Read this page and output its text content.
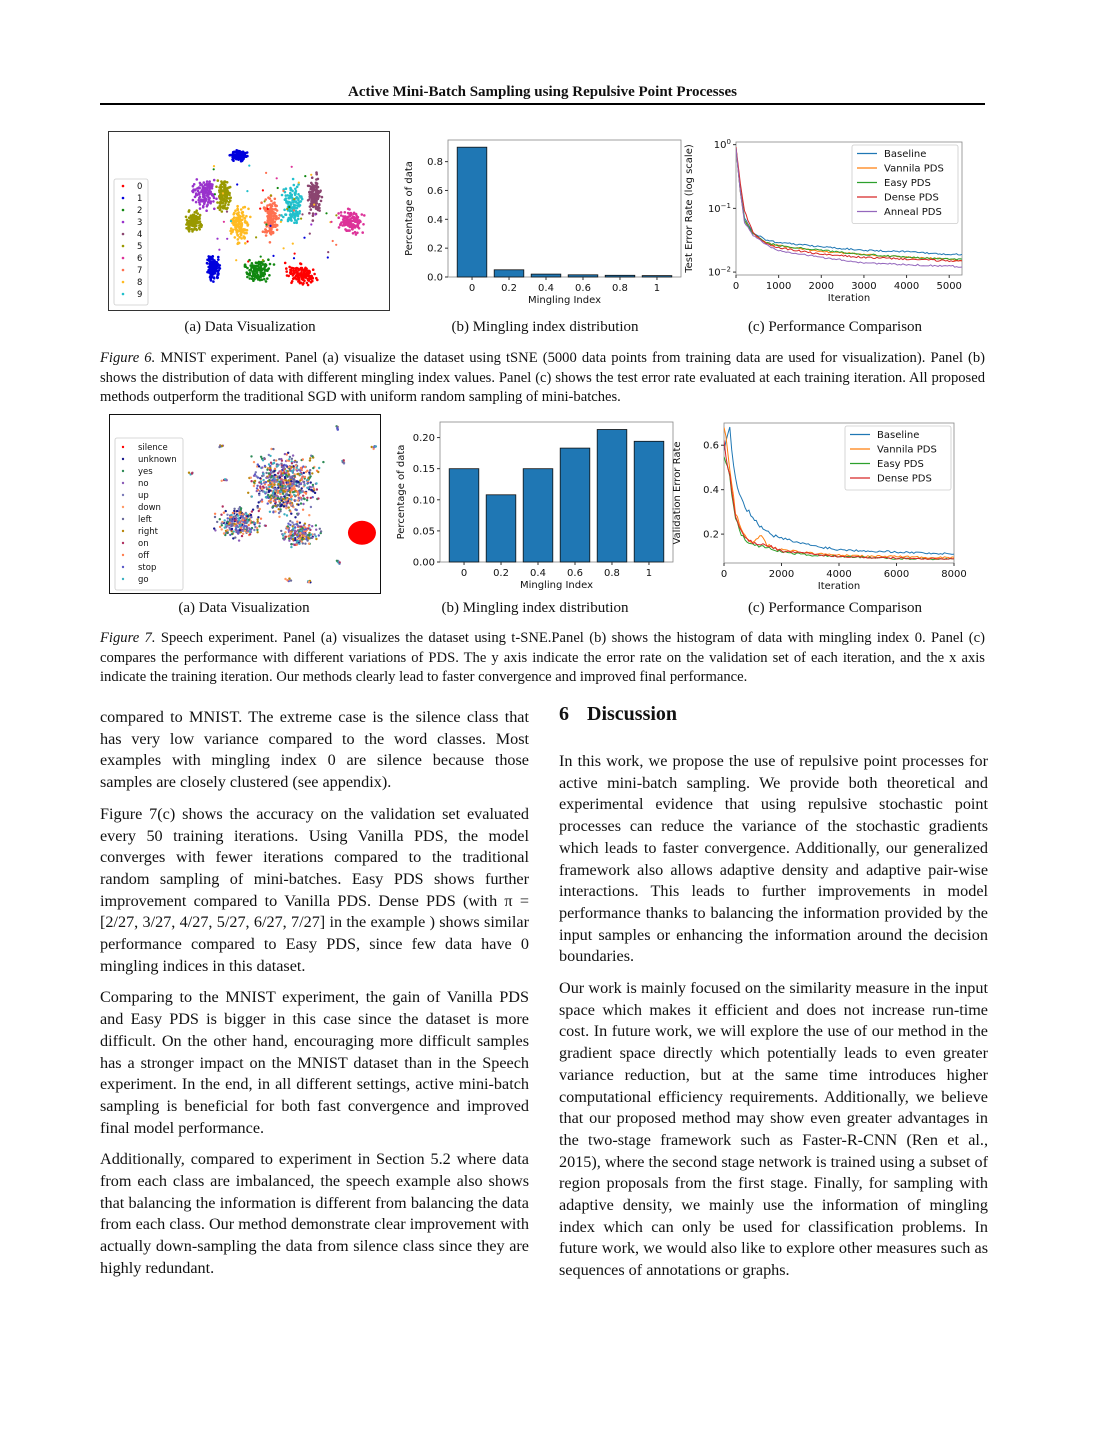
Active Mini-Batch Sampling using Repulsive Point Processes
0
1
2
3
4
5
6
7
8
9
0	0.2 0.4 0.6 0.8	1
0.0
0.2
0.4
0.6
0.8
Mingling Index
Percentage of data
0	1000 2000 3000 4000 5000
$10^0$
$10^{-1}$
$10^{-2}$
Iteration
Test Error Rate (log scale)	Baseline
Vannila PDS
Easy PDS
Dense PDS
Anneal PDS
(a) Data Visualization	(b) Mingling index distribution	(c) Performance Comparison
Figure 6. MNIST experiment. Panel (a) visualize the dataset using tSNE (5000 data points from training data are used for visualization). Panel (b) shows the distribution of data with different mingling index values. Panel (c) shows the test error rate evaluated at each training iteration. All proposed methods outperform the traditional SGD with uniform random sampling of mini-batches.
silence
unknown
yes
no
up
down
left
right
on
off
stop
go
0	0.2 0.4 0.6 0.8	1
0.00
0.05
0.10
0.15
0.20
Mingling Index
Percentage of data
0	2000	4000	6000	8000
0.2
0.4
0.6
Iteration
Validation Error Rate
Baseline
Vannila PDS
Easy PDS
Dense PDS
(a) Data Visualization	(b) Mingling index distribution	(c) Performance Comparison
Figure 7. Speech experiment. Panel (a) visualizes the dataset using t-SNE.Panel (b) shows the histogram of data with mingling index 0. Panel (c) compares the performance with different variations of PDS. The y axis indicate the error rate on the validation set of each iteration, and the x axis indicate the training iteration. Our methods clearly lead to faster convergence and improved final performance.

compared to MNIST. The extreme case is the silence class that has very low variance compared to the word classes. Most examples with mingling index 0 are silence because those samples are closely clustered (see appendix).

Figure 7(c) shows the accuracy on the validation set evaluated every 50 training iterations. Using Vanilla PDS, the model converges with fewer iterations compared to the traditional random sampling of mini-batches. Easy PDS shows further improvement compared to Vanilla PDS. Dense PDS (with π = [2/27, 3/27, 4/27, 5/27, 6/27, 7/27] in the example ) shows similar performance compared to Easy PDS, since few data have 0 mingling indices in this dataset.

Comparing to the MNIST experiment, the gain of Vanilla PDS and Easy PDS is bigger in this case since the dataset is more difficult. On the other hand, encouraging more difficult samples has a stronger impact on the MNIST dataset than in the Speech experiment. In the end, in all different settings, active mini-batch sampling is beneficial for both fast convergence and improved final model performance.

Additionally, compared to experiment in Section 5.2 where data from each class are imbalanced, the speech example also shows that balancing the information is different from balancing the data from each class. Our method demonstrate clear improvement with actually down-sampling the data from silence class since they are highly redundant.

6 Discussion

In this work, we propose the use of repulsive point processes for active mini-batch sampling. We provide both theoretical and experimental evidence that using repulsive stochastic point processes can reduce the variance of the stochastic gradients which leads to faster convergence. Additionally, our generalized framework also allows adaptive density and adaptive pair-wise interactions. This leads to further improvements in model performance thanks to balancing the information provided by the input samples or enhancing the information around the decision boundaries.

Our work is mainly focused on the similarity measure in the input space which makes it efficient and does not increase run-time cost. In future work, we will explore the use of our method in the gradient space directly which potentially leads to even greater variance reduction, but at the same time introduces higher computational efficiency requirements. Additionally, we believe that our proposed method may show even greater advantages in the two-stage framework such as Faster-R-CNN (Ren et al., 2015), where the second stage network is trained using a subset of region proposals from the first stage. Finally, for sampling with adaptive density, we mainly use the information of mingling index which can only be used for classification problems. In future work, we would also like to explore other measures such as sequences of annotations or graphs.
